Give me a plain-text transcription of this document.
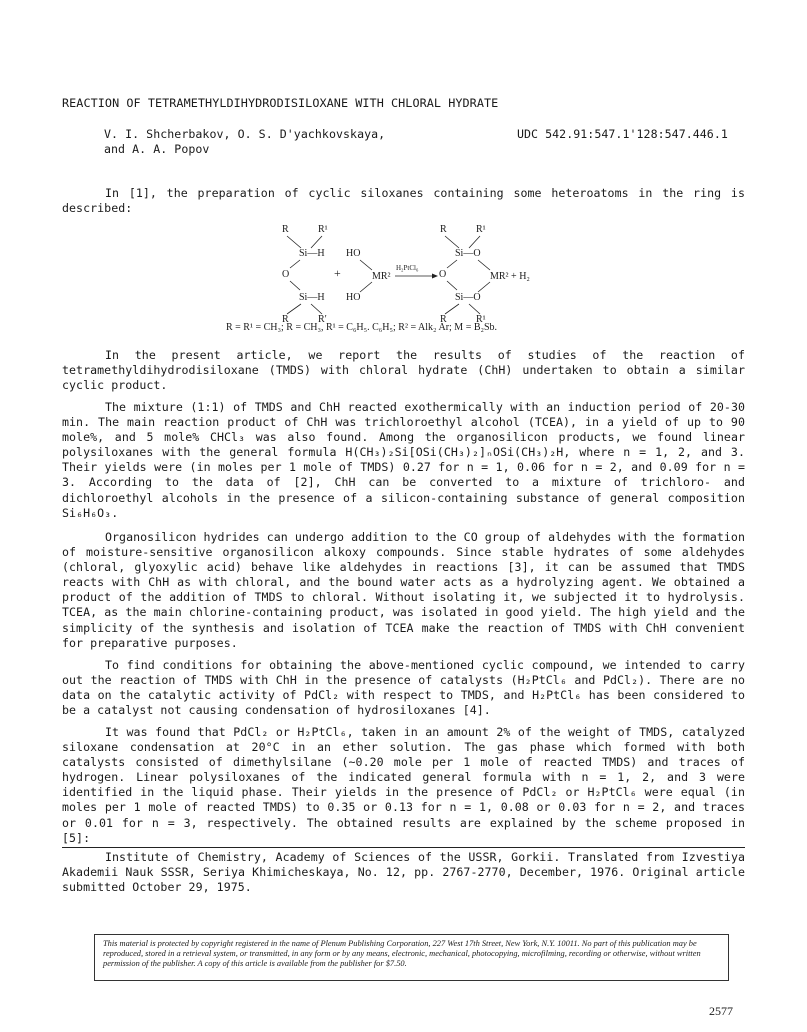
REACTION OF TETRAMETHYLDIHYDRODISILOXANE WITH CHLORAL HYDRATE
V. I. Shcherbakov, O. S. D'yachkovskaya,
and A. A. Popov
UDC 542.91:547.1'128:547.446.1

In [1], the preparation of cyclic siloxanes containing some heteroatoms in the ring is described:

R	R¹
Si—H HO
O	+
Si—H HO
R	R′
MR²
H₂PtCl₆
R	R¹
Si—O
O	MR² + H₂
Si—O
R	R¹
R = R¹ = CH₃; R = CH₃, R¹ = C₆H₅. C₆H₅; R² = Alk₂ Ar; M = B₂Sb.

In the present article, we report the results of studies of the reaction of tetramethyldihydrodisiloxane (TMDS) with chloral hydrate (ChH) undertaken to obtain a similar cyclic product.

The mixture (1:1) of TMDS and ChH reacted exothermically with an induction period of 20-30 min. The main reaction product of ChH was trichloroethyl alcohol (TCEA), in a yield of up to 90 mole%, and 5 mole% CHCl₃ was also found. Among the organosilicon products, we found linear polysiloxanes with the general formula H(CH₃)₂Si[OSi(CH₃)₂]ₙOSi(CH₃)₂H, where n = 1, 2, and 3. Their yields were (in moles per 1 mole of TMDS) 0.27 for n = 1, 0.06 for n = 2, and 0.09 for n = 3. According to the data of [2], ChH can be converted to a mixture of trichloro- and dichloroethyl alcohols in the presence of a silicon-containing substance of general composition Si₆H₆O₃.

Organosilicon hydrides can undergo addition to the CO group of aldehydes with the formation of moisture-sensitive organosilicon alkoxy compounds. Since stable hydrates of some aldehydes (chloral, glyoxylic acid) behave like aldehydes in reactions [3], it can be assumed that TMDS reacts with ChH as with chloral, and the bound water acts as a hydrolyzing agent. We obtained a product of the addition of TMDS to chloral. Without isolating it, we subjected it to hydrolysis. TCEA, as the main chlorine-containing product, was isolated in good yield. The high yield and the simplicity of the synthesis and isolation of TCEA make the reaction of TMDS with ChH convenient for preparative purposes.

To find conditions for obtaining the above-mentioned cyclic compound, we intended to carry out the reaction of TMDS with ChH in the presence of catalysts (H₂PtCl₆ and PdCl₂). There are no data on the catalytic activity of PdCl₂ with respect to TMDS, and H₂PtCl₆ has been considered to be a catalyst not causing condensation of hydrosiloxanes [4].

It was found that PdCl₂ or H₂PtCl₆, taken in an amount 2% of the weight of TMDS, catalyzed siloxane condensation at 20°C in an ether solution. The gas phase which formed with both catalysts consisted of dimethylsilane (~0.20 mole per 1 mole of reacted TMDS) and traces of hydrogen. Linear polysiloxanes of the indicated general formula with n = 1, 2, and 3 were identified in the liquid phase. Their yields in the presence of PdCl₂ or H₂PtCl₆ were equal (in moles per 1 mole of reacted TMDS) to 0.35 or 0.13 for n = 1, 0.08 or 0.03 for n = 2, and traces or 0.01 for n = 3, respectively. The obtained results are explained by the scheme proposed in [5]:

Institute of Chemistry, Academy of Sciences of the USSR, Gorkii. Translated from Izvestiya Akademii Nauk SSSR, Seriya Khimicheskaya, No. 12, pp. 2767-2770, December, 1976. Original article submitted October 29, 1975.
This material is protected by copyright registered in the name of Plenum Publishing Corporation, 227 West 17th Street, New York, N.Y. 10011. No part of this publication may be reproduced, stored in a retrieval system, or transmitted, in any form or by any means, electronic, mechanical, photocopying, microfilming, recording or otherwise, without written permission of the publisher. A copy of this article is available from the publisher for $7.50.
2577
